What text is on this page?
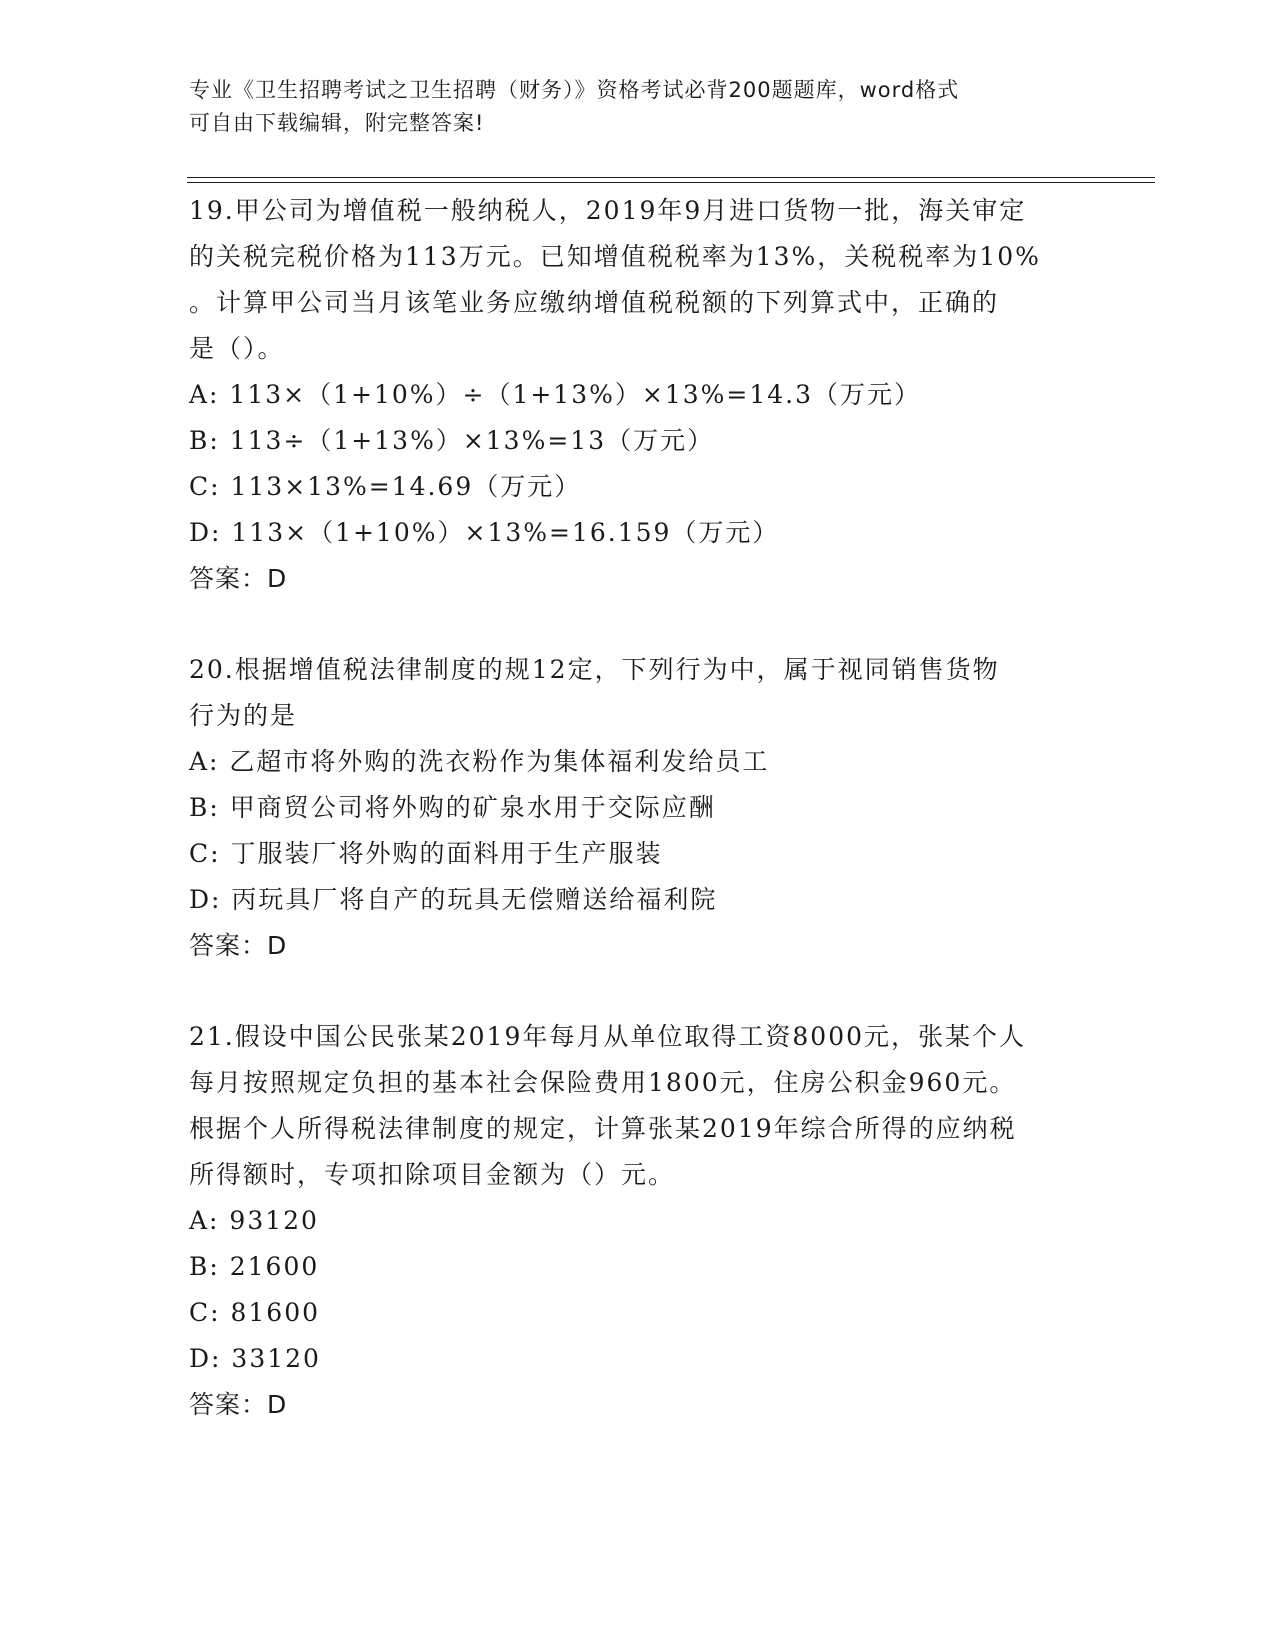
专业《卫生招聘考试之卫生招聘（财务）》资格考试必背200题题库，word格式
可自由下载编辑，附完整答案!
19.甲公司为增值税一般纳税人，2019年9月进口货物一批，海关审定
的关税完税价格为113万元。已知增值税税率为13%，关税税率为10%
。计算甲公司当月该笔业务应缴纳增值税税额的下列算式中，正确的
是（）。
A: 113×（1+10%）÷（1+13%）×13%=14.3（万元）
B: 113÷（1+13%）×13%=13（万元）
C: 113×13%=14.69（万元）
D: 113×（1+10%）×13%=16.159（万元）
答案：D
20.根据增值税法律制度的规12定，下列行为中，属于视同销售货物
行为的是
A: 乙超市将外购的洗衣粉作为集体福利发给员工
B: 甲商贸公司将外购的矿泉水用于交际应酬
C: 丁服装厂将外购的面料用于生产服装
D: 丙玩具厂将自产的玩具无偿赠送给福利院
答案：D
21.假设中国公民张某2019年每月从单位取得工资8000元，张某个人
每月按照规定负担的基本社会保险费用1800元，住房公积金960元。
根据个人所得税法律制度的规定，计算张某2019年综合所得的应纳税
所得额时，专项扣除项目金额为（）元。
A: 93120
B: 21600
C: 81600
D: 33120
答案：D
